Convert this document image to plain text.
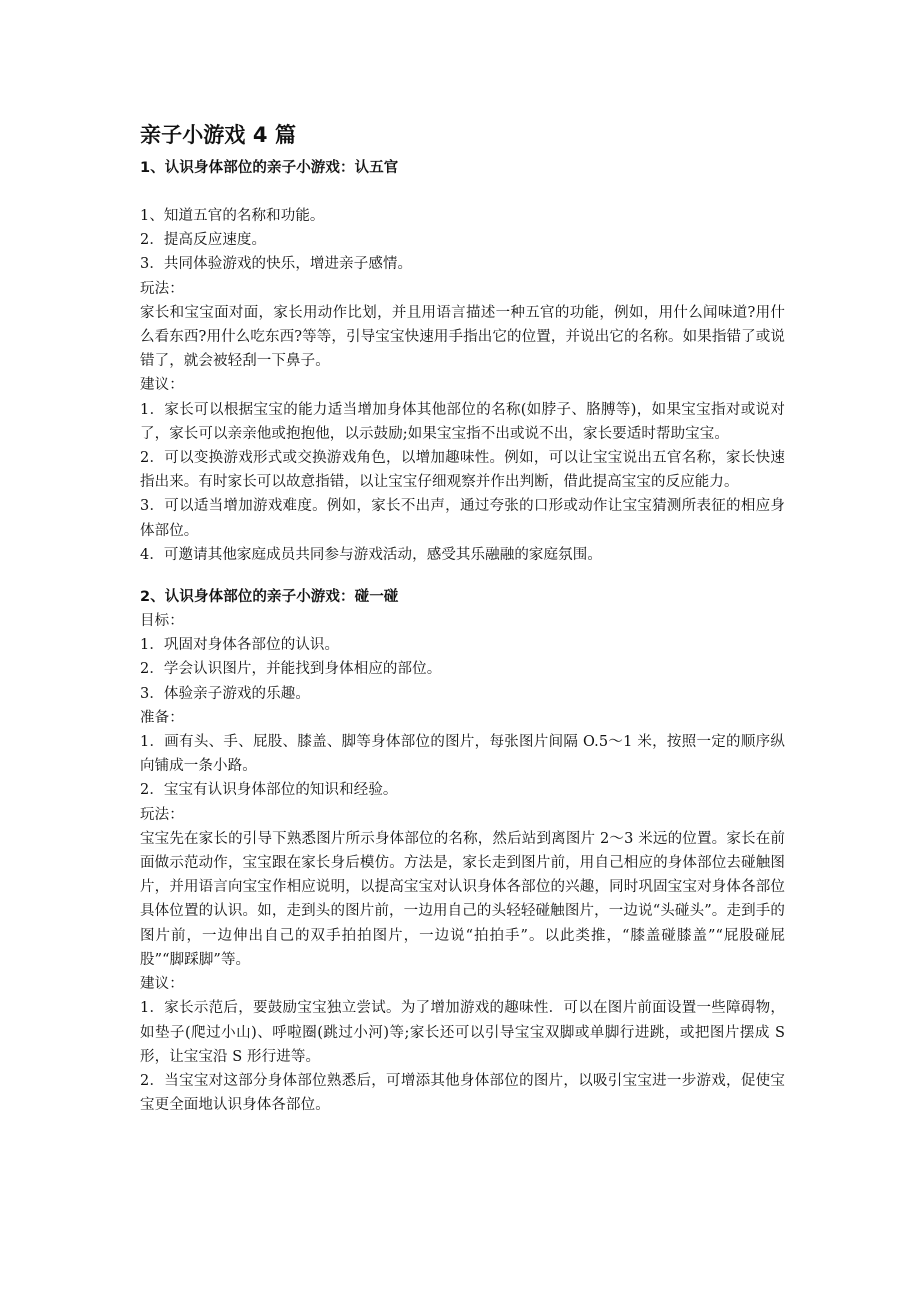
亲子小游戏 4 篇
1、认识身体部位的亲子小游戏：认五官

1、知道五官的名称和功能。

2．提高反应速度。

3．共同体验游戏的快乐，增进亲子感情。

玩法：

家长和宝宝面对面，家长用动作比划，并且用语言描述一种五官的功能，例如，用什么闻味道?用什么看东西?用什么吃东西?等等，引导宝宝快速用手指出它的位置，并说出它的名称。如果指错了或说错了，就会被轻刮一下鼻子。

建议：

1．家长可以根据宝宝的能力适当增加身体其他部位的名称(如脖子、胳膊等)，如果宝宝指对或说对了，家长可以亲亲他或抱抱他，以示鼓励;如果宝宝指不出或说不出，家长要适时帮助宝宝。

2．可以变换游戏形式或交换游戏角色，以增加趣味性。例如，可以让宝宝说出五官名称，家长快速指出来。有时家长可以故意指错，以让宝宝仔细观察并作出判断，借此提高宝宝的反应能力。

3．可以适当增加游戏难度。例如，家长不出声，通过夸张的口形或动作让宝宝猜测所表征的相应身体部位。

4．可邀请其他家庭成员共同参与游戏活动，感受其乐融融的家庭氛围。

2、认识身体部位的亲子小游戏：碰一碰

目标：

1．巩固对身体各部位的认识。

2．学会认识图片，并能找到身体相应的部位。

3．体验亲子游戏的乐趣。

准备：

1．画有头、手、屁股、膝盖、脚等身体部位的图片，每张图片间隔 O.5～1 米，按照一定的顺序纵向铺成一条小路。

2．宝宝有认识身体部位的知识和经验。

玩法：

宝宝先在家长的引导下熟悉图片所示身体部位的名称，然后站到离图片 2～3 米远的位置。家长在前面做示范动作，宝宝跟在家长身后模仿。方法是，家长走到图片前，用自己相应的身体部位去碰触图片，并用语言向宝宝作相应说明，以提高宝宝对认识身体各部位的兴趣，同时巩固宝宝对身体各部位具体位置的认识。如，走到头的图片前，一边用自己的头轻轻碰触图片，一边说“头碰头”。走到手的图片前，一边伸出自己的双手拍拍图片，一边说“拍拍手”。以此类推，“膝盖碰膝盖”“屁股碰屁股”“脚踩脚”等。

建议：

1．家长示范后，要鼓励宝宝独立尝试。为了增加游戏的趣味性．可以在图片前面设置一些障碍物，如垫子(爬过小山)、呼啦圈(跳过小河)等;家长还可以引导宝宝双脚或单脚行进跳，或把图片摆成 S 形，让宝宝沿 S 形行进等。

2．当宝宝对这部分身体部位熟悉后，可增添其他身体部位的图片，以吸引宝宝进一步游戏，促使宝宝更全面地认识身体各部位。
